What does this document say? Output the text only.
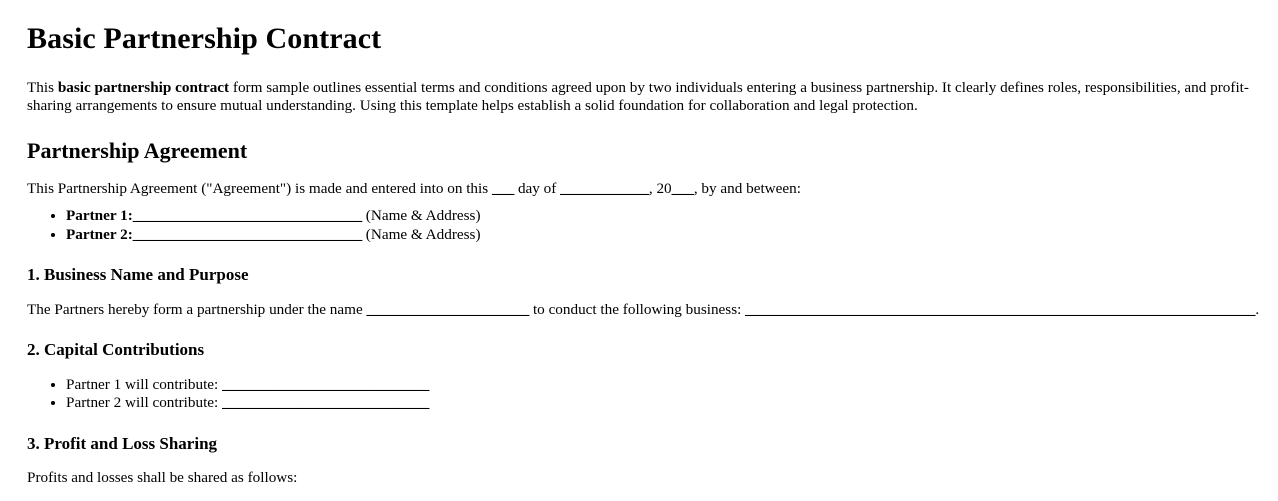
Basic Partnership Contract

This basic partnership contract form sample outlines essential terms and conditions agreed upon by two individuals entering a business partnership. It clearly defines roles, responsibilities, and profit-sharing arrangements to ensure mutual understanding. Using this template helps establish a solid foundation for collaboration and legal protection.

Partnership Agreement

This Partnership Agreement ("Agreement") is made and entered into on this ___ day of ____________, 20___, by and between:

• Partner 1:_______________________________ (Name & Address)
• Partner 2:_______________________________ (Name & Address)
1. Business Name and Purpose

The Partners hereby form a partnership under the name ______________________ to conduct the following business: _____________________________________________________________________.

2. Capital Contributions
• Partner 1 will contribute: ____________________________
• Partner 2 will contribute: ____________________________
3. Profit and Loss Sharing

Profits and losses shall be shared as follows:
